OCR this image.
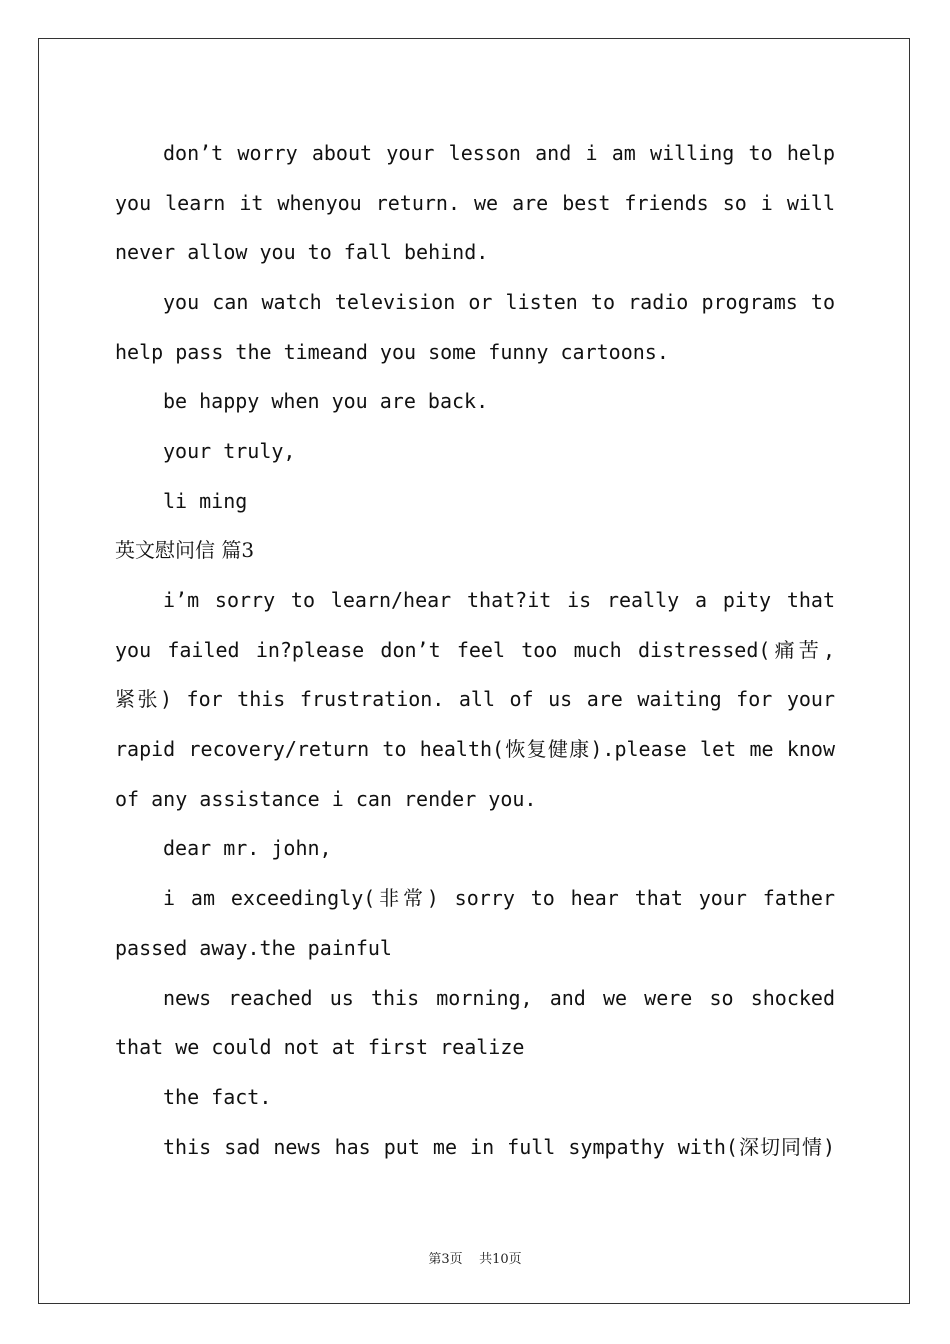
don’t worry about your lesson and i am willing to help
you learn it whenyou return. we are best friends so i will
never allow you to fall behind.
you can watch television or listen to radio programs to
help pass the timeand you some funny cartoons.
be happy when you are back.
your truly,
li ming
英文慰问信 篇3
i’m sorry to learn/hear that?it is really a pity that
you failed in?please don’t feel too much distressed(痛苦,
紧张) for this frustration. all of us are waiting for your
rapid recovery/return to health(恢复健康).please let me know
of any assistance i can render you.
dear mr. john,
i am exceedingly(非常) sorry to hear that your father
passed away.the painful
news reached us this morning, and we were so shocked
that we could not at first realize
the fact.
this sad news has put me in full sympathy with(深切同情)
第3页 共10页
